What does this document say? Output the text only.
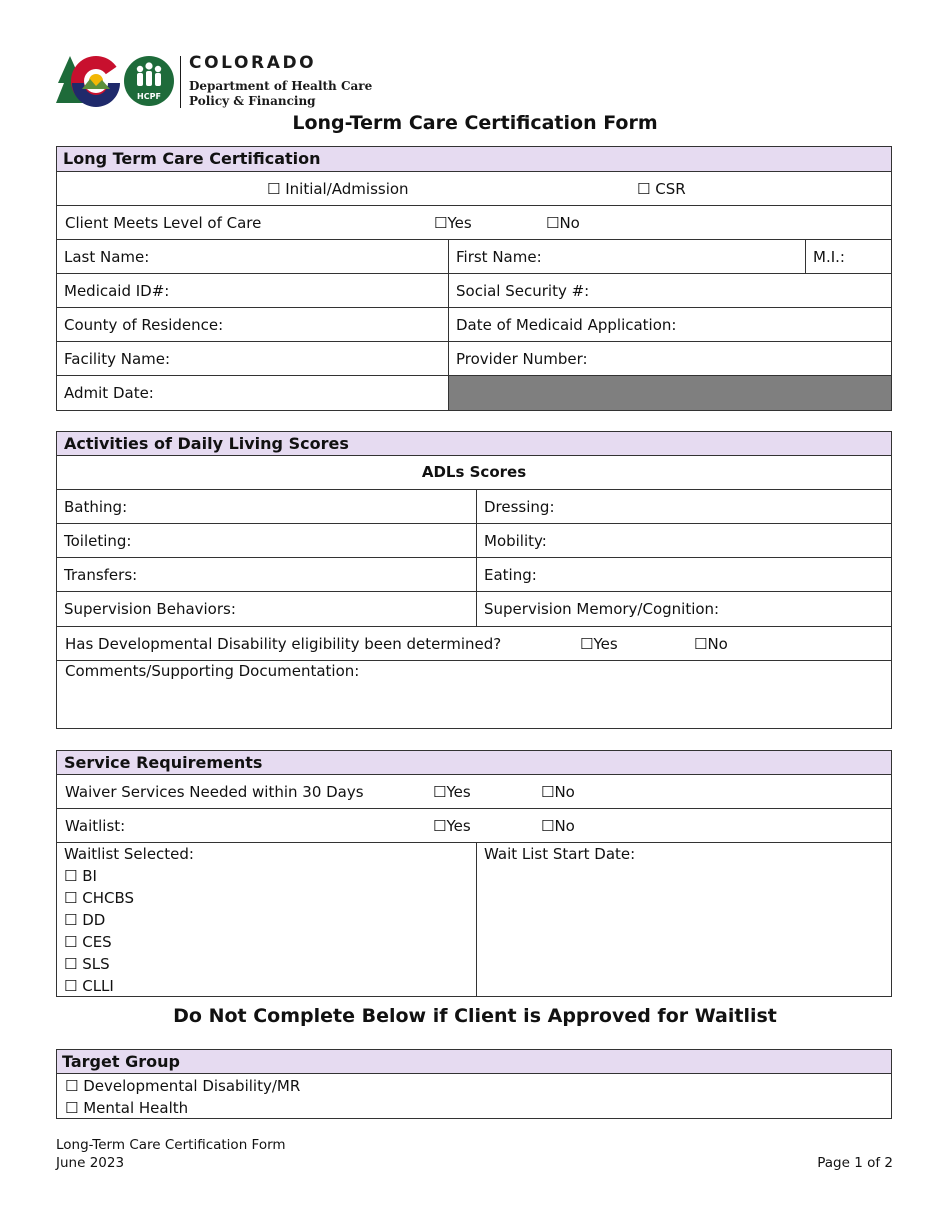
HCPF
COLORADO
Department of Health Care
Policy & Financing
Long-Term Care Certification Form
Long Term Care Certification
☐ Initial/Admission	☐ CSR
Client Meets Level of Care	☐Yes	☐No
Last Name:	First Name:	M.I.:
Medicaid ID#:	Social Security #:
County of Residence:	Date of Medicaid Application:
Facility Name:	Provider Number:
Admit Date:
Activities of Daily Living Scores
ADLs Scores
Bathing:	Dressing:
Toileting:	Mobility:
Transfers:	Eating:
Supervision Behaviors:	Supervision Memory/Cognition:
Has Developmental Disability eligibility been determined?	☐Yes	☐No
Comments/Supporting Documentation:
Service Requirements
Waiver Services Needed within 30 Days	☐Yes	☐No
Waitlist:	☐Yes	☐No
Waitlist Selected:
☐ BI
☐ CHCBS
☐ DD
☐ CES
☐ SLS
☐ CLLI
Wait List Start Date:
Do Not Complete Below if Client is Approved for Waitlist
Target Group
☐ Developmental Disability/MR
☐ Mental Health
Long-Term Care Certification Form
June 2023	Page 1 of 2
